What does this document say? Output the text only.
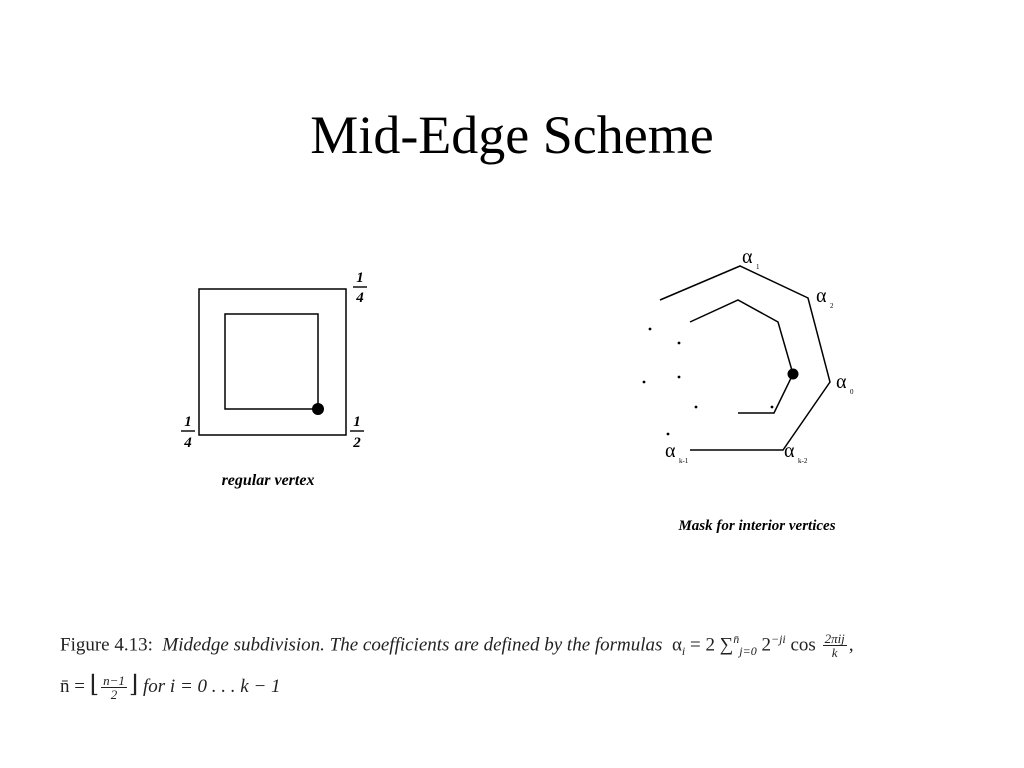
Mid-Edge Scheme
1
4
1
4
1
2
regular vertex
α 1
α 2
α 0
α k-1	α k-2
Mask for interior vertices
Figure 4.13: Midedge subdivision. The coefficients are defined by the formulas $\alpha_i = 2$ ∑$^{n̄}_{j=0}$ $2^{-ji}$ $\cos \frac{\text{2πij}}{k}$ ,
n̄ = ⌊ $\frac{n-1}{2}$ ⌋ for i = 0 . . . k − 1
